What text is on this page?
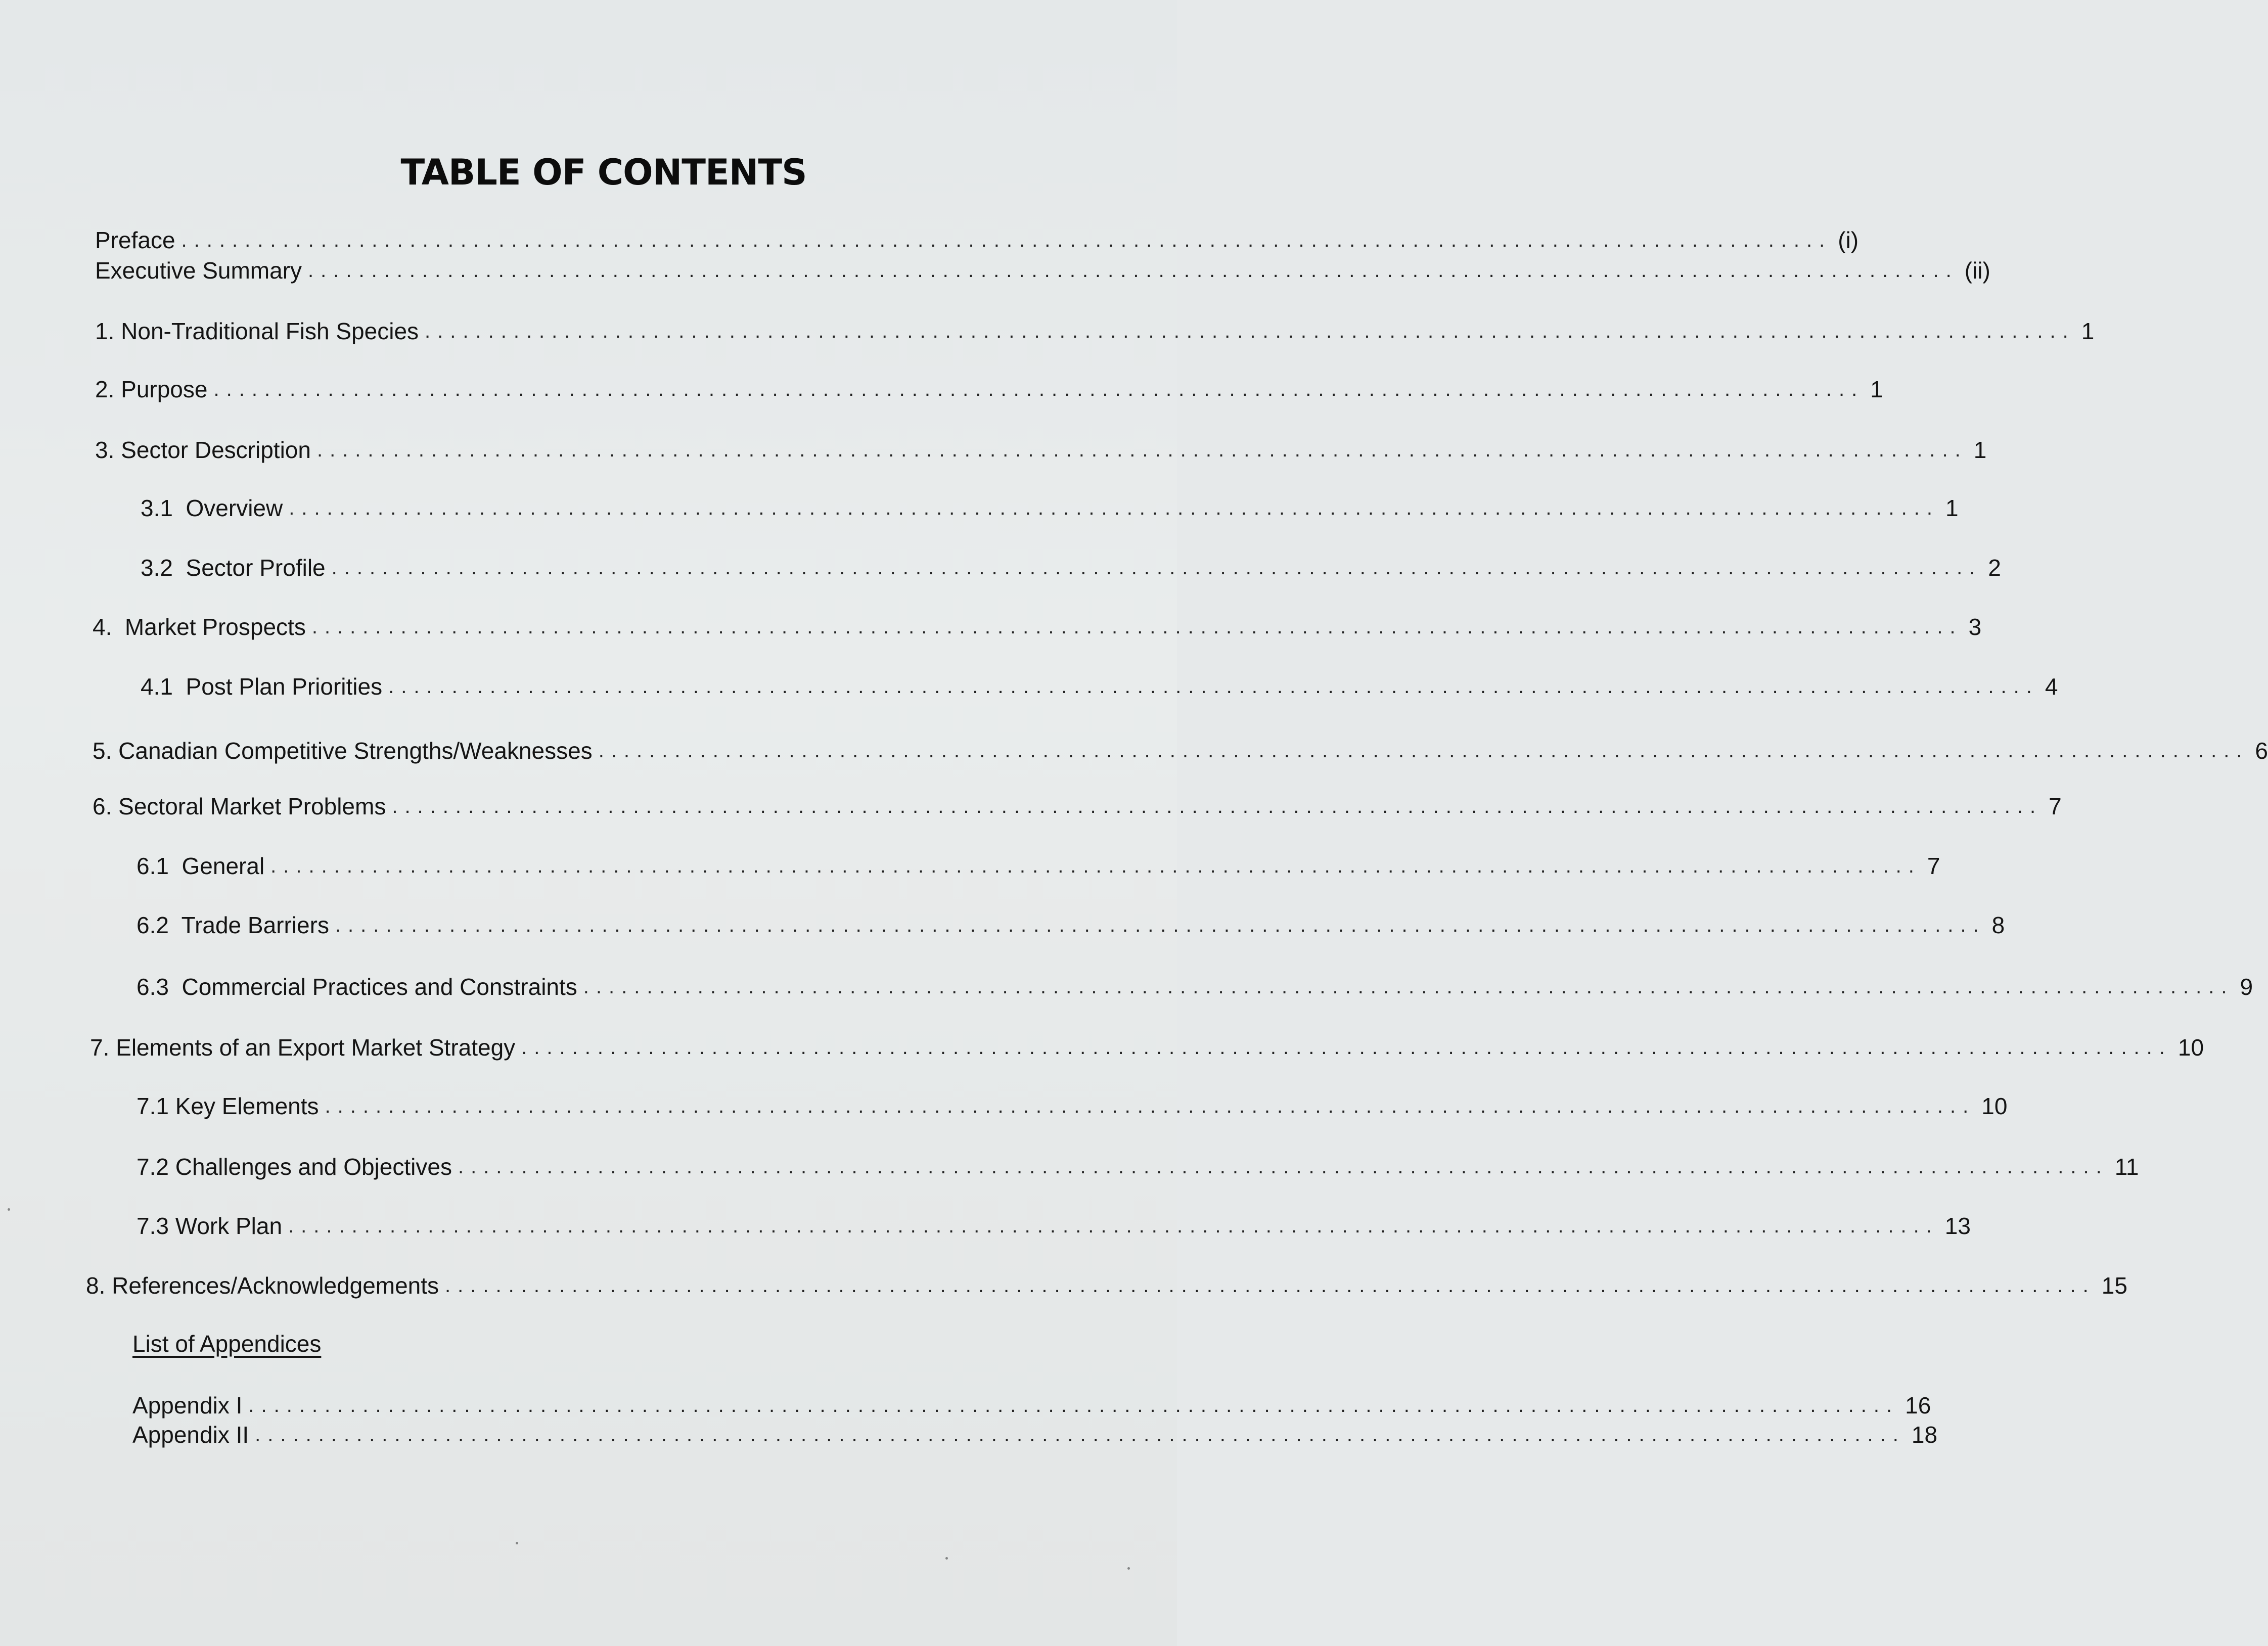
TABLE OF CONTENTS
Preface .................................................................................................................................. (i)
Executive Summary .................................................................................................................................. (ii)
1. Non-Traditional Fish Species .................................................................................................................................. 1
2. Purpose .................................................................................................................................. 1
3. Sector Description .................................................................................................................................. 1
3.1  Overview .................................................................................................................................. 1
3.2  Sector Profile .................................................................................................................................. 2
4.  Market Prospects .................................................................................................................................. 3
4.1  Post Plan Priorities .................................................................................................................................. 4
5. Canadian Competitive Strengths/Weaknesses .................................................................................................................................. 6
6. Sectoral Market Problems .................................................................................................................................. 7
6.1  General .................................................................................................................................. 7
6.2  Trade Barriers .................................................................................................................................. 8
6.3  Commercial Practices and Constraints .................................................................................................................................. 9
7. Elements of an Export Market Strategy .................................................................................................................................. 10
7.1 Key Elements .................................................................................................................................. 10
7.2 Challenges and Objectives .................................................................................................................................. 11
7.3 Work Plan .................................................................................................................................. 13
8. References/Acknowledgements .................................................................................................................................. 15
List of Appendices
Appendix I .................................................................................................................................. 16
Appendix II .................................................................................................................................. 18
